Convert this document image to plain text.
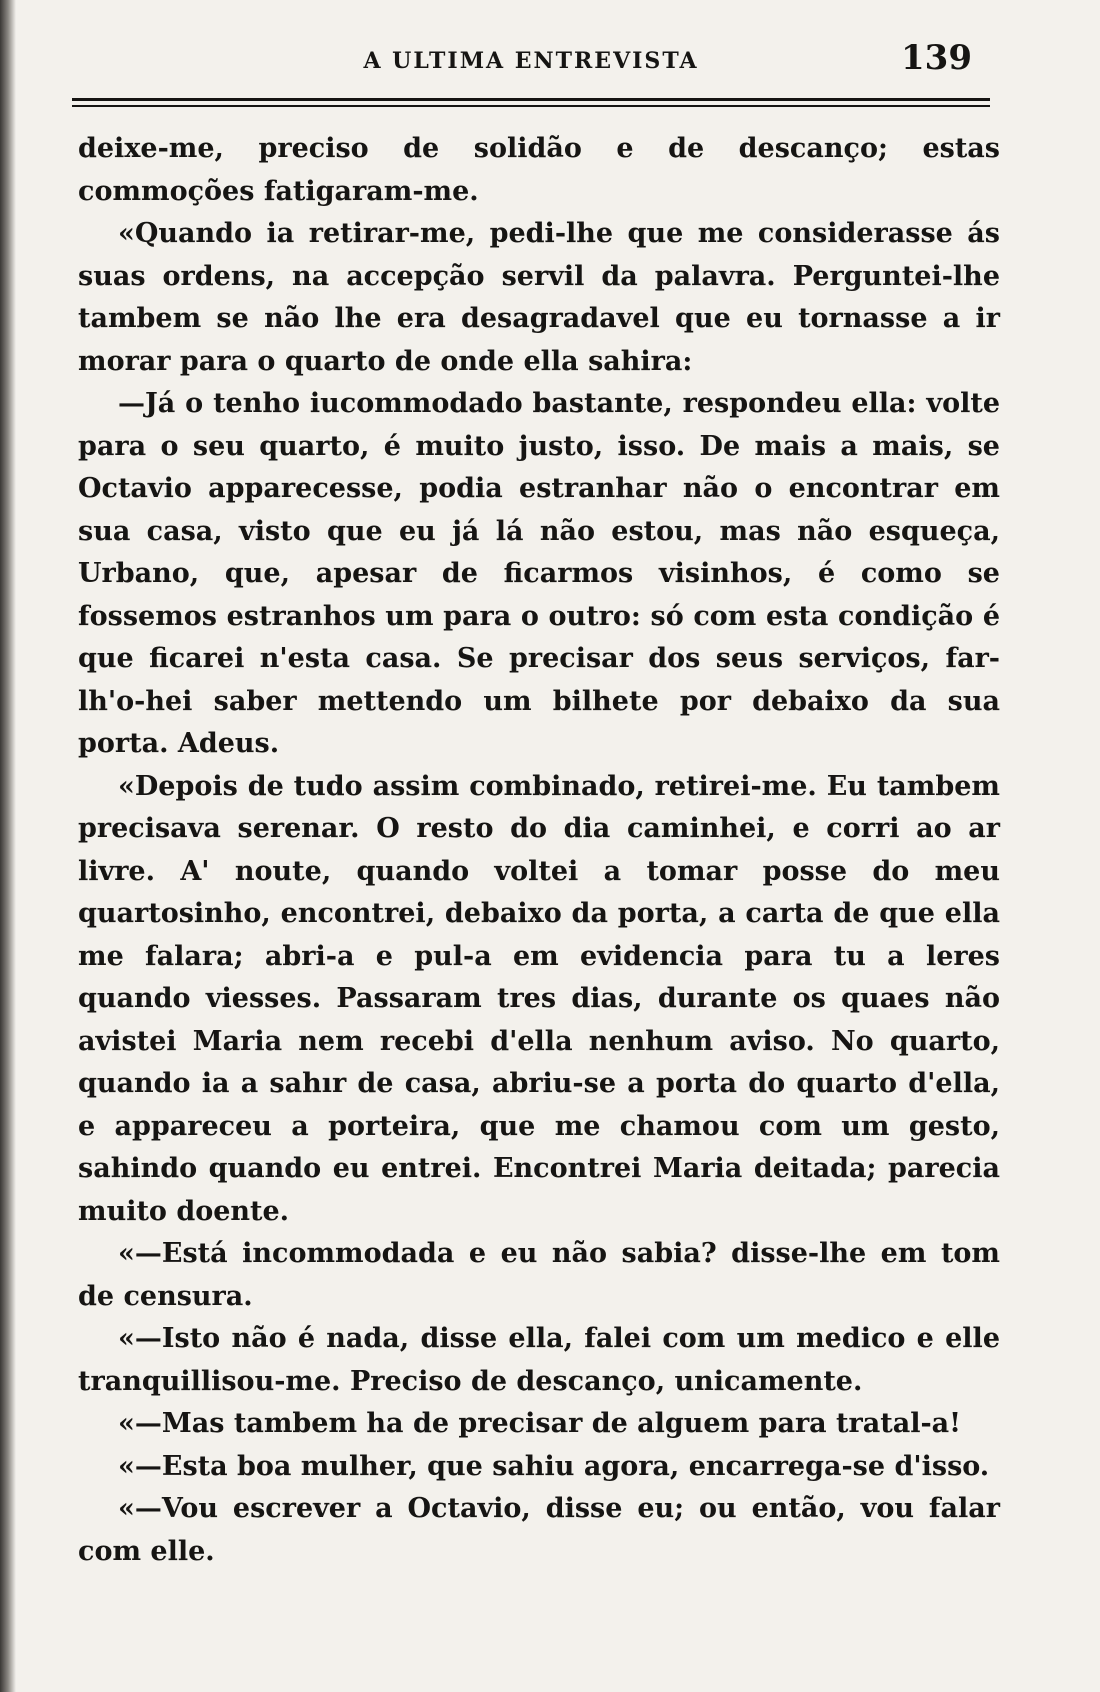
A ULTIMA ENTREVISTA	139

deixe-me, preciso de solidão e de descanço; estas commoções fatigaram-me.

«Quando ia retirar-me, pedi-lhe que me considerasse ás suas ordens, na accepção servil da palavra. Perguntei-lhe tambem se não lhe era desagradavel que eu tornasse a ir morar para o quarto de onde ella sahira:

—Já o tenho iucommodado bastante, respondeu ella: volte para o seu quarto, é muito justo, isso. De mais a mais, se Octavio apparecesse, podia estranhar não o encontrar em sua casa, visto que eu já lá não estou, mas não esqueça, Urbano, que, apesar de ficarmos visinhos, é como se fossemos estranhos um para o outro: só com esta condição é que ficarei n'esta casa. Se precisar dos seus serviços, far-lh'o-hei saber mettendo um bilhete por debaixo da sua porta. Adeus.

«Depois de tudo assim combinado, retirei-me. Eu tambem precisava serenar. O resto do dia caminhei, e corri ao ar livre. A' noute, quando voltei a tomar posse do meu quartosinho, encontrei, debaixo da porta, a carta de que ella me falara; abri-a e pul-a em evidencia para tu a leres quando viesses. Passaram tres dias, durante os quaes não avistei Maria nem recebi d'ella nenhum aviso. No quarto, quando ia a sahır de casa, abriu-se a porta do quarto d'ella, e appareceu a porteira, que me chamou com um gesto, sahindo quando eu entrei. Encontrei Maria deitada; parecia muito doente.

«—Está incommodada e eu não sabia? disse-lhe em tom de censura.

«—Isto não é nada, disse ella, falei com um medico e elle tranquillisou-me. Preciso de descanço, unicamente.

«—Mas tambem ha de precisar de alguem para tratal-a!

«—Esta boa mulher, que sahiu agora, encarrega-se d'isso.

«—Vou escrever a Octavio, disse eu; ou então, vou falar com elle.
